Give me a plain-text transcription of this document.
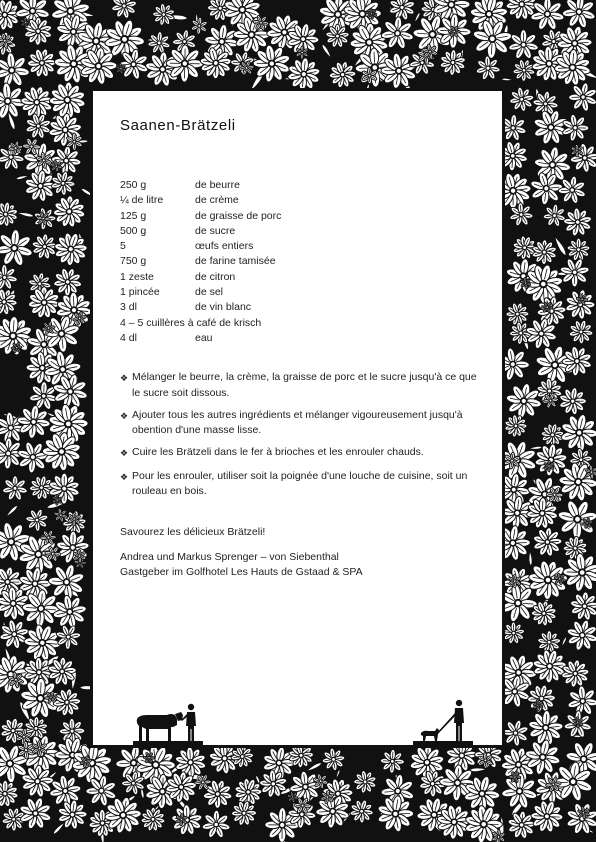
Saanen-Brätzeli
250 g	de beurre
¼ de litre	de crème
125 g	de graisse de porc
500 g	de sucre
5	œufs entiers
750 g	de farine tamisée
1 zeste	de citron
1 pincée	de sel
3 dl	de vin blanc
4 – 5 cuillères à café de krisch
4 dl	eau
❖ Mélanger le beurre, la crème, la graisse de porc et le sucre jusqu'à ce que le sucre soit dissous.
❖ Ajouter tous les autres ingrédients et mélanger vigoureusement jusqu'à obention d'une masse lisse.
❖ Cuire les Brätzeli dans le fer à brioches et les enrouler chauds.
❖ Pour les enrouler, utiliser soit la poignée d'une louche de cuisine, soit un rouleau en bois.

Savourez les délicieux Brätzeli!

Andrea und Markus Sprenger – von Siebenthal
Gastgeber im Golfhotel Les Hauts de Gstaad & SPA
